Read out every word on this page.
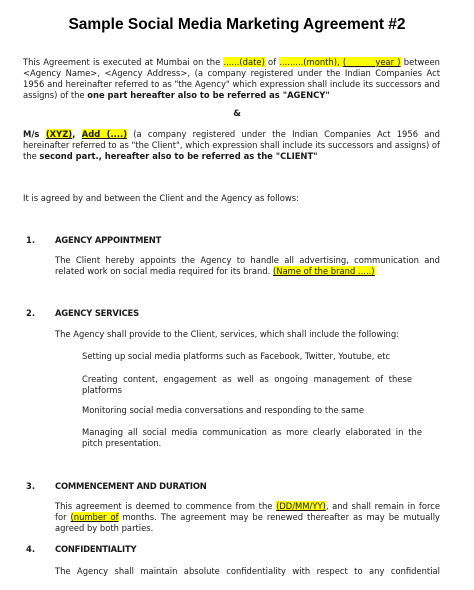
Sample Social Media Marketing Agreement #2
This Agreement is executed at Mumbai on the ......(date) of .........(month), (_______year ) between <Agency Name>, <Agency Address>, (a company registered under the Indian Companies Act 1956 and hereinafter referred to as "the Agency" which expression shall include its successors and assigns) of the one part hereafter also to be referred as "AGENCY"
&
M/s (XYZ), Add (....) (a company registered under the Indian Companies Act 1956 and hereinafter referred to as "the Client", which expression shall include its successors and assigns) of the second part., hereafter also to be referred as the "CLIENT"
It is agreed by and between the Client and the Agency as follows:
1. AGENCY APPOINTMENT
The Client hereby appoints the Agency to handle all advertising, communication and related work on social media required for its brand. (Name of the brand .....)
2. AGENCY SERVICES
The Agency shall provide to the Client, services, which shall include the following:
Setting up social media platforms such as Facebook, Twitter, Youtube, etc
Creating content, engagement as well as ongoing management of these platforms
Monitoring social media conversations and responding to the same
Managing all social media communication as more clearly elaborated in the pitch presentation.
3. COMMENCEMENT AND DURATION
This agreement is deemed to commence from the (DD/MM/YY), and shall remain in force for (number of months. The agreement may be renewed thereafter as may be mutually agreed by both parties.
4. CONFIDENTIALITY
The Agency shall maintain absolute confidentiality with respect to any confidential
